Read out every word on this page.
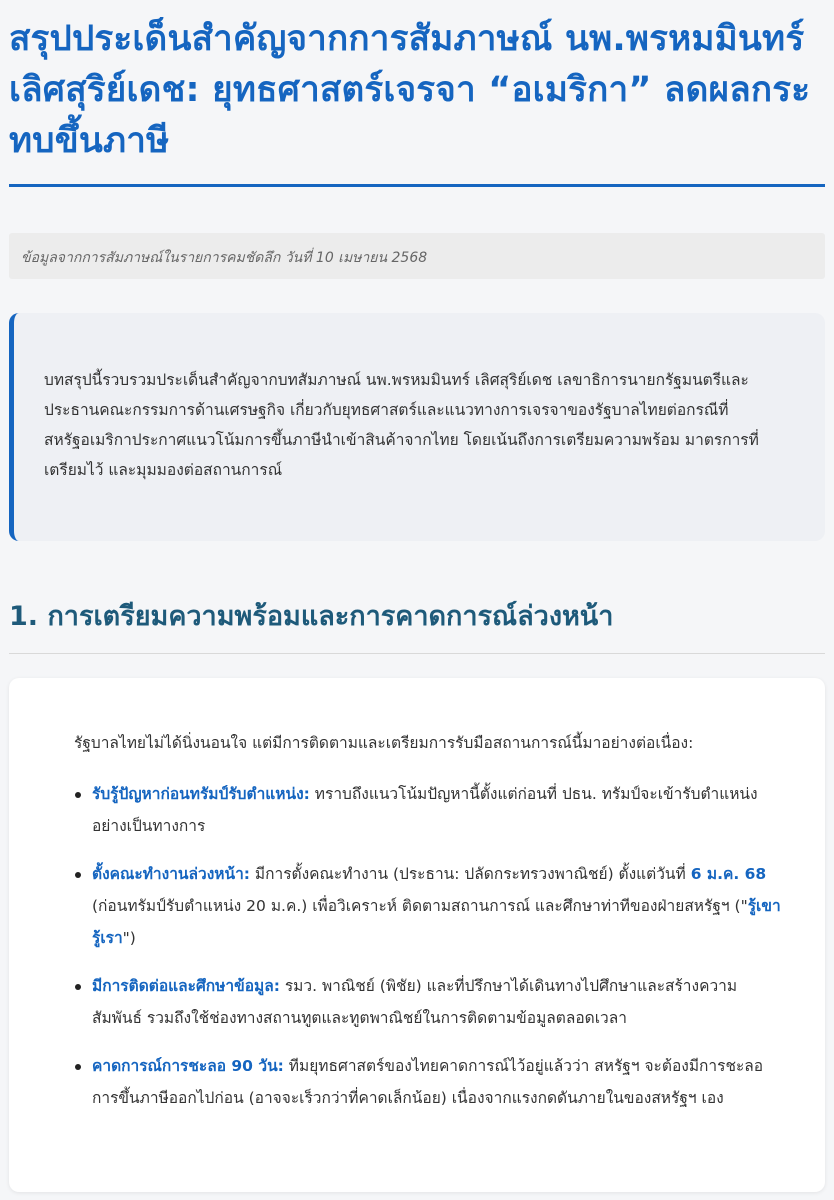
สรุปประเด็นสำคัญจากการสัมภาษณ์ นพ.พรหมมินทร์ เลิศสุริย์เดช: ยุทธศาสตร์เจรจา “อเมริกา” ลดผลกระทบขึ้นภาษี
ข้อมูลจากการสัมภาษณ์ในรายการคมชัดลึก วันที่ 10 เมษายน 2568
บทสรุปนี้รวบรวมประเด็นสำคัญจากบทสัมภาษณ์ นพ.พรหมมินทร์ เลิศสุริย์เดช เลขาธิการนายกรัฐมนตรีและประธานคณะกรรมการด้านเศรษฐกิจ เกี่ยวกับยุทธศาสตร์และแนวทางการเจรจาของรัฐบาลไทยต่อกรณีที่สหรัฐอเมริกาประกาศแนวโน้มการขึ้นภาษีนำเข้าสินค้าจากไทย โดยเน้นถึงการเตรียมความพร้อม มาตรการที่เตรียมไว้ และมุมมองต่อสถานการณ์
1. การเตรียมความพร้อมและการคาดการณ์ล่วงหน้า

รัฐบาลไทยไม่ได้นิ่งนอนใจ แต่มีการติดตามและเตรียมการรับมือสถานการณ์นี้มาอย่างต่อเนื่อง:

รับรู้ปัญหาก่อนทรัมป์รับตำแหน่ง: ทราบถึงแนวโน้มปัญหานี้ตั้งแต่ก่อนที่ ปธน. ทรัมป์จะเข้ารับตำแหน่งอย่างเป็นทางการ
ตั้งคณะทำงานล่วงหน้า: มีการตั้งคณะทำงาน (ประธาน: ปลัดกระทรวงพาณิชย์) ตั้งแต่วันที่ 6 ม.ค. 68 (ก่อนทรัมป์รับตำแหน่ง 20 ม.ค.) เพื่อวิเคราะห์ ติดตามสถานการณ์ และศึกษาท่าทีของฝ่ายสหรัฐฯ ("รู้เขารู้เรา")
มีการติดต่อและศึกษาข้อมูล: รมว. พาณิชย์ (พิชัย) และที่ปรึกษาได้เดินทางไปศึกษาและสร้างความสัมพันธ์ รวมถึงใช้ช่องทางสถานทูตและทูตพาณิชย์ในการติดตามข้อมูลตลอดเวลา
คาดการณ์การชะลอ 90 วัน: ทีมยุทธศาสตร์ของไทยคาดการณ์ไว้อยู่แล้วว่า สหรัฐฯ จะต้องมีการชะลอการขึ้นภาษีออกไปก่อน (อาจจะเร็วกว่าที่คาดเล็กน้อย) เนื่องจากแรงกดดันภายในของสหรัฐฯ เอง
